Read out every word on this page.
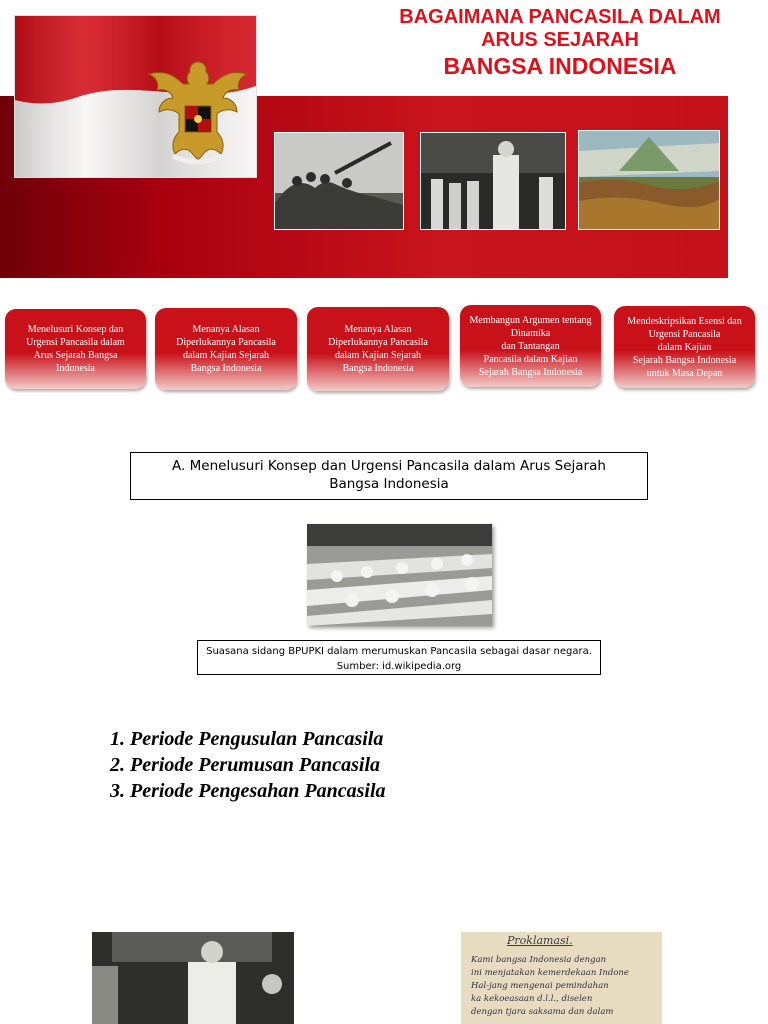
BAGAIMANA PANCASILA DALAM
ARUS SEJARAH
BANGSA INDONESIA
Menelusuri Konsep dan
Urgensi Pancasila dalam
Arus Sejarah Bangsa
Indonesia
Menanya Alasan
Diperlukannya Pancasila
dalam Kajian Sejarah
Bangsa Indonesia
Menanya Alasan
Diperlukannya Pancasila
dalam Kajian Sejarah
Bangsa Indonesia
Membangun Argumen tentang
Dinamika
dan Tantangan
Pancasila dalam Kajian
Sejarah Bangsa Indonesia
Mendeskripsikan Esensi dan
Urgensi Pancasila
dalam Kajian
Sejarah Bangsa Indonesia
untuk Masa Depan
A. Menelusuri Konsep dan Urgensi Pancasila dalam Arus Sejarah
Bangsa Indonesia
Suasana sidang BPUPKI dalam merumuskan Pancasila sebagai dasar negara.
Sumber: id.wikipedia.org
1. Periode Pengusulan Pancasila
2. Periode Perumusan Pancasila
3. Periode Pengesahan Pancasila
Proklamasi.
Kami bangsa Indonesia dengan
ini menjatakan kemerdekaan Indone
Hal-jang mengenai pemindahan
ka kekoeasaan d.l.l., diselen
dengan tjara saksama dan dalam
